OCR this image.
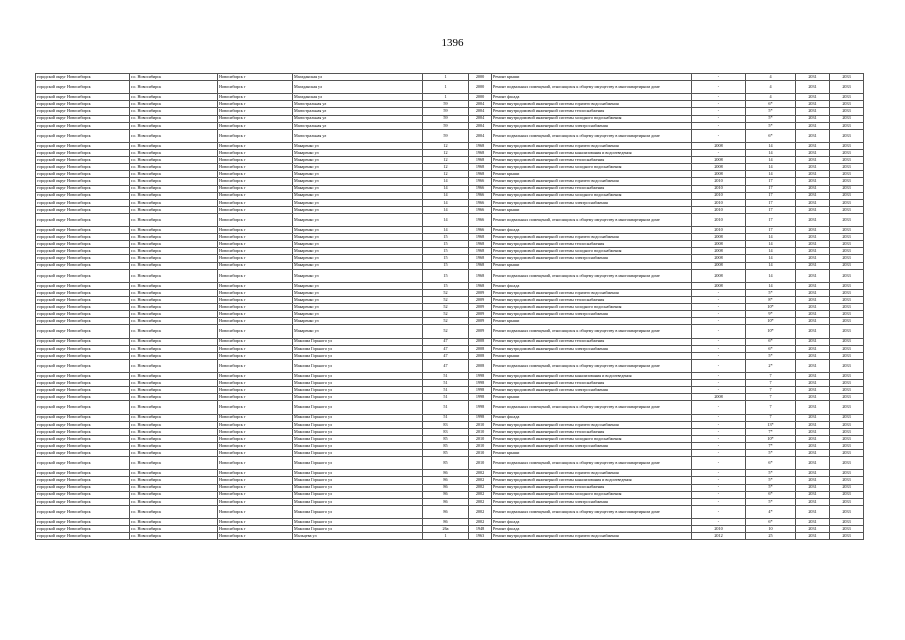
1396
городской округ Новосибирск	г.о. Новосибирск	Новосибирск г	Магаданская ул	1	2000	Ремонт крыши	-	4	2031	2033
городской округ Новосибирск	г.о. Новосибирск	Новосибирск г	Магаданская ул	1	2000	Ремонт подвальных помещений, относящихся к общему имуществу в многоквартирном доме	-	4	2031	2033
городской округ Новосибирск	г.о. Новосибирск	Новосибирск г	Магаданская ул	1	2000	Ремонт фасада	-	4	2031	2033
городской округ Новосибирск	г.о. Новосибирск	Новосибирск г	Магистральная ул	59	2004	Ремонт внутридомовой инженерной системы горячего водоснабжения	-	6*	2031	2033
городской округ Новосибирск	г.о. Новосибирск	Новосибирск г	Магистральная ул	59	2004	Ремонт внутридомовой инженерной системы теплоснабжения	-	5*	2031	2033
городской округ Новосибирск	г.о. Новосибирск	Новосибирск г	Магистральная ул	59	2004	Ремонт внутридомовой инженерной системы холодного водоснабжения	-	5*	2031	2033
городской округ Новосибирск	г.о. Новосибирск	Новосибирск г	Магистральная ул	59	2004	Ремонт внутридомовой инженерной системы электроснабжения	-	5*	2031	2033
городской округ Новосибирск	г.о. Новосибирск	Новосибирск г	Магистральная ул	59	2004	Ремонт подвальных помещений, относящихся к общему имуществу в многоквартирном доме	-	6*	2031	2033
городской округ Новосибирск	г.о. Новосибирск	Новосибирск г	Макаренко ул	12	1968	Ремонт внутридомовой инженерной системы горячего водоснабжения	2008	14	2031	2033
городской округ Новосибирск	г.о. Новосибирск	Новосибирск г	Макаренко ул	12	1968	Ремонт внутридомовой инженерной системы канализования и водоотведения	-	14	2031	2033
городской округ Новосибирск	г.о. Новосибирск	Новосибирск г	Макаренко ул	12	1968	Ремонт внутридомовой инженерной системы теплоснабжения	2008	14	2031	2033
городской округ Новосибирск	г.о. Новосибирск	Новосибирск г	Макаренко ул	12	1968	Ремонт внутридомовой инженерной системы холодного водоснабжения	2008	14	2031	2033
городской округ Новосибирск	г.о. Новосибирск	Новосибирск г	Макаренко ул	12	1968	Ремонт крыши	2008	14	2031	2033
городской округ Новосибирск	г.о. Новосибирск	Новосибирск г	Макаренко ул	14	1966	Ремонт внутридомовой инженерной системы горячего водоснабжения	2010	17	2031	2033
городской округ Новосибирск	г.о. Новосибирск	Новосибирск г	Макаренко ул	14	1966	Ремонт внутридомовой инженерной системы теплоснабжения	2010	17	2031	2033
городской округ Новосибирск	г.о. Новосибирск	Новосибирск г	Макаренко ул	14	1966	Ремонт внутридомовой инженерной системы холодного водоснабжения	2010	17	2031	2033
городской округ Новосибирск	г.о. Новосибирск	Новосибирск г	Макаренко ул	14	1966	Ремонт внутридомовой инженерной системы электроснабжения	2010	17	2031	2033
городской округ Новосибирск	г.о. Новосибирск	Новосибирск г	Макаренко ул	14	1966	Ремонт крыши	2010	17	2031	2033
городской округ Новосибирск	г.о. Новосибирск	Новосибирск г	Макаренко ул	14	1966	Ремонт подвальных помещений, относящихся к общему имуществу в многоквартирном доме	2010	17	2031	2033
городской округ Новосибирск	г.о. Новосибирск	Новосибирск г	Макаренко ул	14	1966	Ремонт фасада	2010	17	2031	2033
городской округ Новосибирск	г.о. Новосибирск	Новосибирск г	Макаренко ул	15	1968	Ремонт внутридомовой инженерной системы горячего водоснабжения	2008	14	2031	2033
городской округ Новосибирск	г.о. Новосибирск	Новосибирск г	Макаренко ул	15	1968	Ремонт внутридомовой инженерной системы теплоснабжения	2008	14	2031	2033
городской округ Новосибирск	г.о. Новосибирск	Новосибирск г	Макаренко ул	15	1968	Ремонт внутридомовой инженерной системы холодного водоснабжения	2008	14	2031	2033
городской округ Новосибирск	г.о. Новосибирск	Новосибирск г	Макаренко ул	15	1968	Ремонт внутридомовой инженерной системы электроснабжения	2008	14	2031	2033
городской округ Новосибирск	г.о. Новосибирск	Новосибирск г	Макаренко ул	15	1968	Ремонт крыши	2008	14	2031	2033
городской округ Новосибирск	г.о. Новосибирск	Новосибирск г	Макаренко ул	15	1968	Ремонт подвальных помещений, относящихся к общему имуществу в многоквартирном доме	2008	14	2031	2033
городской округ Новосибирск	г.о. Новосибирск	Новосибирск г	Макаренко ул	15	1968	Ремонт фасада	2008	14	2031	2033
городской округ Новосибирск	г.о. Новосибирск	Новосибирск г	Макаренко ул	52	2009	Ремонт внутридомовой инженерной системы горячего водоснабжения	-	5*	2031	2033
городской округ Новосибирск	г.о. Новосибирск	Новосибирск г	Макаренко ул	52	2009	Ремонт внутридомовой инженерной системы теплоснабжения	-	8*	2031	2033
городской округ Новосибирск	г.о. Новосибирск	Новосибирск г	Макаренко ул	52	2009	Ремонт внутридомовой инженерной системы холодного водоснабжения	-	10*	2031	2033
городской округ Новосибирск	г.о. Новосибирск	Новосибирск г	Макаренко ул	52	2009	Ремонт внутридомовой инженерной системы электроснабжения	-	9*	2031	2033
городской округ Новосибирск	г.о. Новосибирск	Новосибирск г	Макаренко ул	52	2009	Ремонт крыши	-	10*	2031	2033
городской округ Новосибирск	г.о. Новосибирск	Новосибирск г	Макаренко ул	52	2009	Ремонт подвальных помещений, относящихся к общему имуществу в многоквартирном доме	-	10*	2031	2033
городской округ Новосибирск	г.о. Новосибирск	Новосибирск г	Максима Горького ул	47	2008	Ремонт внутридомовой инженерной системы теплоснабжения	-	6*	2031	2033
городской округ Новосибирск	г.о. Новосибирск	Новосибирск г	Максима Горького ул	47	2008	Ремонт внутридомовой инженерной системы электроснабжения	-	6*	2031	2033
городской округ Новосибирск	г.о. Новосибирск	Новосибирск г	Максима Горького ул	47	2008	Ремонт крыши	-	5*	2031	2033
городской округ Новосибирск	г.о. Новосибирск	Новосибирск г	Максима Горького ул	47	2008	Ремонт подвальных помещений, относящихся к общему имуществу в многоквартирном доме	-	2*	2031	2033
городской округ Новосибирск	г.о. Новосибирск	Новосибирск г	Максима Горького ул	51	1998	Ремонт внутридомовой инженерной системы канализования и водоотведения	-	7	2031	2033
городской округ Новосибирск	г.о. Новосибирск	Новосибирск г	Максима Горького ул	51	1998	Ремонт внутридомовой инженерной системы теплоснабжения	-	7	2031	2033
городской округ Новосибирск	г.о. Новосибирск	Новосибирск г	Максима Горького ул	51	1998	Ремонт внутридомовой инженерной системы электроснабжения	-	7	2031	2033
городской округ Новосибирск	г.о. Новосибирск	Новосибирск г	Максима Горького ул	51	1998	Ремонт крыши	2008	7	2031	2033
городской округ Новосибирск	г.о. Новосибирск	Новосибирск г	Максима Горького ул	51	1998	Ремонт подвальных помещений, относящихся к общему имуществу в многоквартирном доме	-	7	2031	2033
городской округ Новосибирск	г.о. Новосибирск	Новосибирск г	Максима Горького ул	51	1998	Ремонт фасада	-	7	2031	2033
городской округ Новосибирск	г.о. Новосибирск	Новосибирск г	Максима Горького ул	83	2010	Ремонт внутридомовой инженерной системы горячего водоснабжения	-	13*	2031	2033
городской округ Новосибирск	г.о. Новосибирск	Новосибирск г	Максима Горького ул	83	2010	Ремонт внутридомовой инженерной системы теплоснабжения	-	7*	2031	2033
городской округ Новосибирск	г.о. Новосибирск	Новосибирск г	Максима Горького ул	85	2010	Ремонт внутридомовой инженерной системы холодного водоснабжения	-	10*	2031	2033
городской округ Новосибирск	г.о. Новосибирск	Новосибирск г	Максима Горького ул	85	2010	Ремонт внутридомовой инженерной системы электроснабжения	-	7*	2031	2033
городской округ Новосибирск	г.о. Новосибирск	Новосибирск г	Максима Горького ул	85	2010	Ремонт крыши	-	5*	2031	2033
городской округ Новосибирск	г.о. Новосибирск	Новосибирск г	Максима Горького ул	85	2010	Ремонт подвальных помещений, относящихся к общему имуществу в многоквартирном доме	-	6*	2031	2033
городской округ Новосибирск	г.о. Новосибирск	Новосибирск г	Максима Горького ул	86	2002	Ремонт внутридомовой инженерной системы горячего водоснабжения	-	5*	2031	2033
городской округ Новосибирск	г.о. Новосибирск	Новосибирск г	Максима Горького ул	86	2002	Ремонт внутридомовой инженерной системы канализования и водоотведения	-	5*	2031	2033
городской округ Новосибирск	г.о. Новосибирск	Новосибирск г	Максима Горького ул	86	2002	Ремонт внутридомовой инженерной системы теплоснабжения	-	5*	2031	2033
городской округ Новосибирск	г.о. Новосибирск	Новосибирск г	Максима Горького ул	86	2002	Ремонт внутридомовой инженерной системы холодного водоснабжения	-	6*	2031	2033
городской округ Новосибирск	г.о. Новосибирск	Новосибирск г	Максима Горького ул	86	2002	Ремонт внутридомовой инженерной системы электроснабжения	-	5*	2031	2033
городской округ Новосибирск	г.о. Новосибирск	Новосибирск г	Максима Горького ул	86	2002	Ремонт подвальных помещений, относящихся к общему имуществу в многоквартирном доме	-	4*	2031	2033
городской округ Новосибирск	г.о. Новосибирск	Новосибирск г	Максима Горького ул	86	2002	Ремонт фасада	-	6*	2031	2033
городской округ Новосибирск	г.о. Новосибирск	Новосибирск г	Максима Горького ул	26а	1948	Ремонт фасада	2010	10	2031	2033
городской округ Новосибирск	г.о. Новосибирск	Новосибирск г	Мальцева ул	1	1963	Ремонт внутридомовой инженерной системы горячего водоснабжения	2012	25	2031	2033
